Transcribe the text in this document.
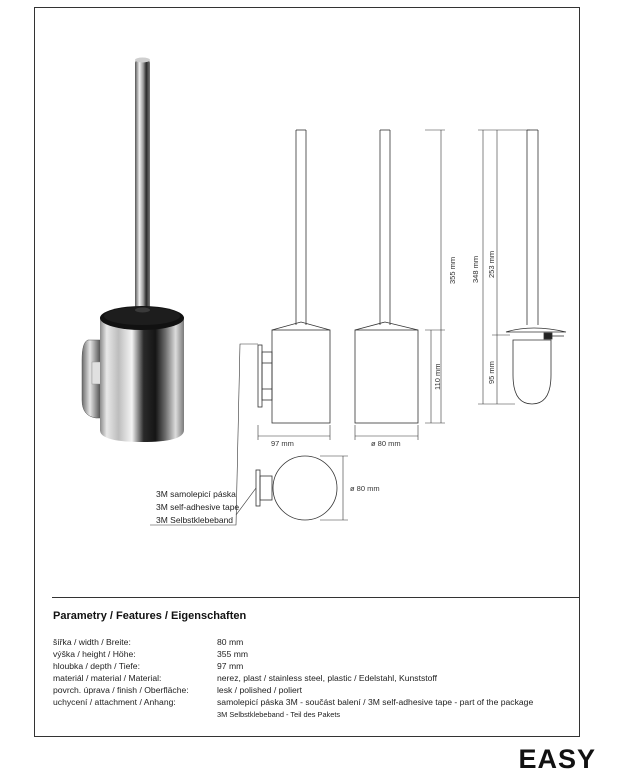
97 mm	ø 80 mm
110 mm
355 mm 348 mm 253 mm
95 mm
ø 80 mm
3M samolepicí páska
3M self-adhesive tape
3M Selbstklebeband
Parametry / Features / Eigenschaften
šířka / width / Breite:	80 mm
výška / height / Höhe:	355 mm
hloubka / depth / Tiefe:	97 mm
materiál / material / Material:	nerez, plast / stainless steel, plastic / Edelstahl, Kunststoff
povrch. úprava / finish / Oberfläche:	lesk / polished / poliert
uchycení / attachment / Anhang:	samolepicí páska 3M - součást balení / 3M self-adhesive tape - part of the package
3M Selbstklebeband - Teil des Pakets
EASY
